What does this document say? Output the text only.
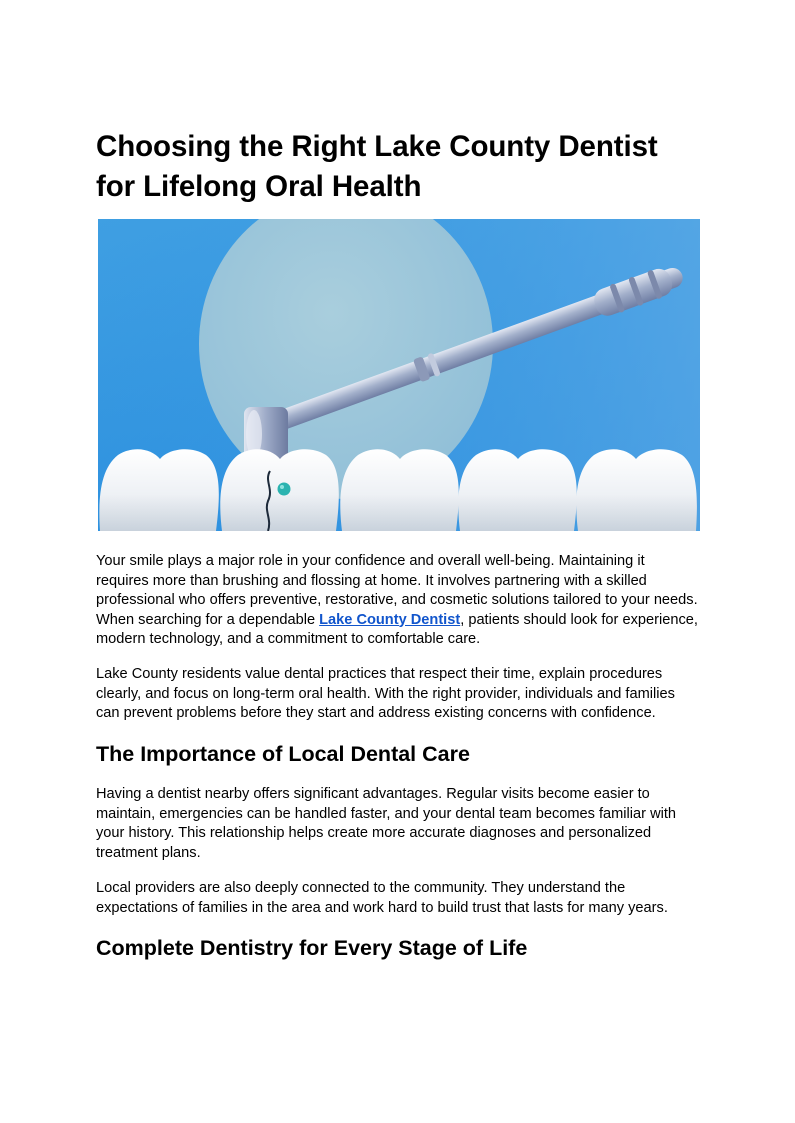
Choosing the Right Lake County Dentist for Lifelong Oral Health

Your smile plays a major role in your confidence and overall well-being. Maintaining it requires more than brushing and flossing at home. It involves partnering with a skilled professional who offers preventive, restorative, and cosmetic solutions tailored to your needs. When searching for a dependable Lake County Dentist, patients should look for experience, modern technology, and a commitment to comfortable care.

Lake County residents value dental practices that respect their time, explain procedures clearly, and focus on long-term oral health. With the right provider, individuals and families can prevent problems before they start and address existing concerns with confidence.

The Importance of Local Dental Care

Having a dentist nearby offers significant advantages. Regular visits become easier to maintain, emergencies can be handled faster, and your dental team becomes familiar with your history. This relationship helps create more accurate diagnoses and personalized treatment plans.

Local providers are also deeply connected to the community. They understand the expectations of families in the area and work hard to build trust that lasts for many years.

Complete Dentistry for Every Stage of Life
